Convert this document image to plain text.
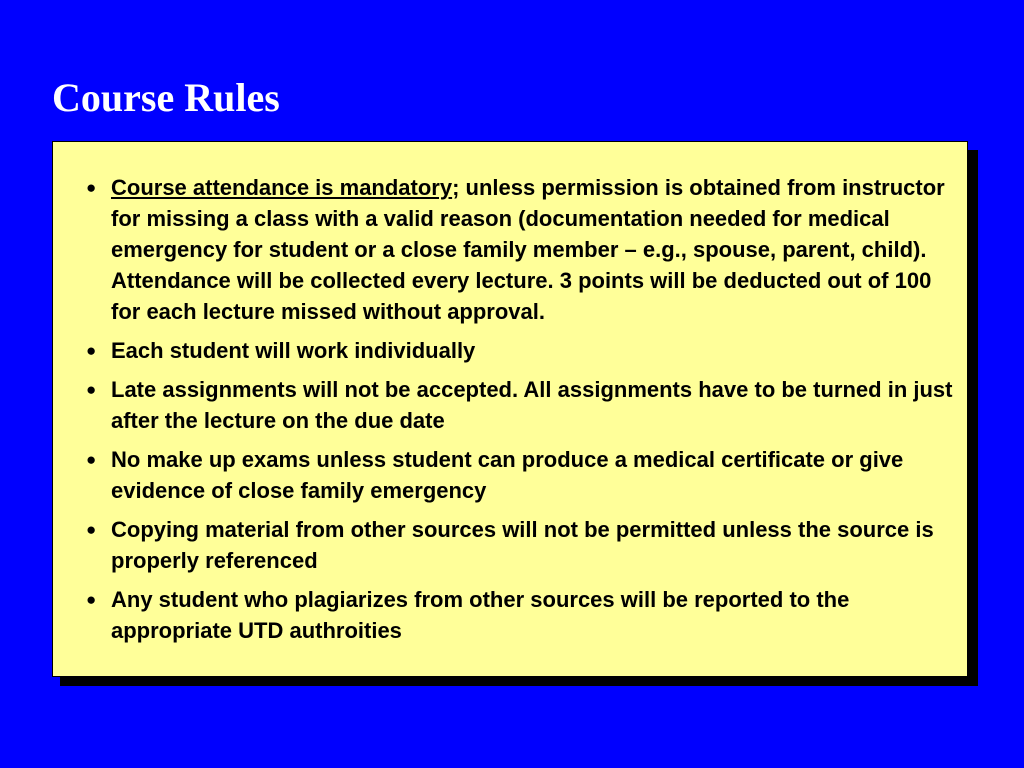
Course Rules
● Course attendance is mandatory; unless permission is obtained from instructor for missing a class with a valid reason (documentation needed for medical emergency for student or a close family member – e.g., spouse, parent, child). Attendance will be collected every lecture. 3 points will be deducted out of 100 for each lecture missed without approval.
● Each student will work individually
● Late assignments will not be accepted. All assignments have to be turned in just after the lecture on the due date
● No make up exams unless student can produce a medical certificate or give evidence of close family emergency
● Copying material from other sources will not be permitted unless the source is properly referenced
● Any student who plagiarizes from other sources will be reported to the appropriate UTD authroities
